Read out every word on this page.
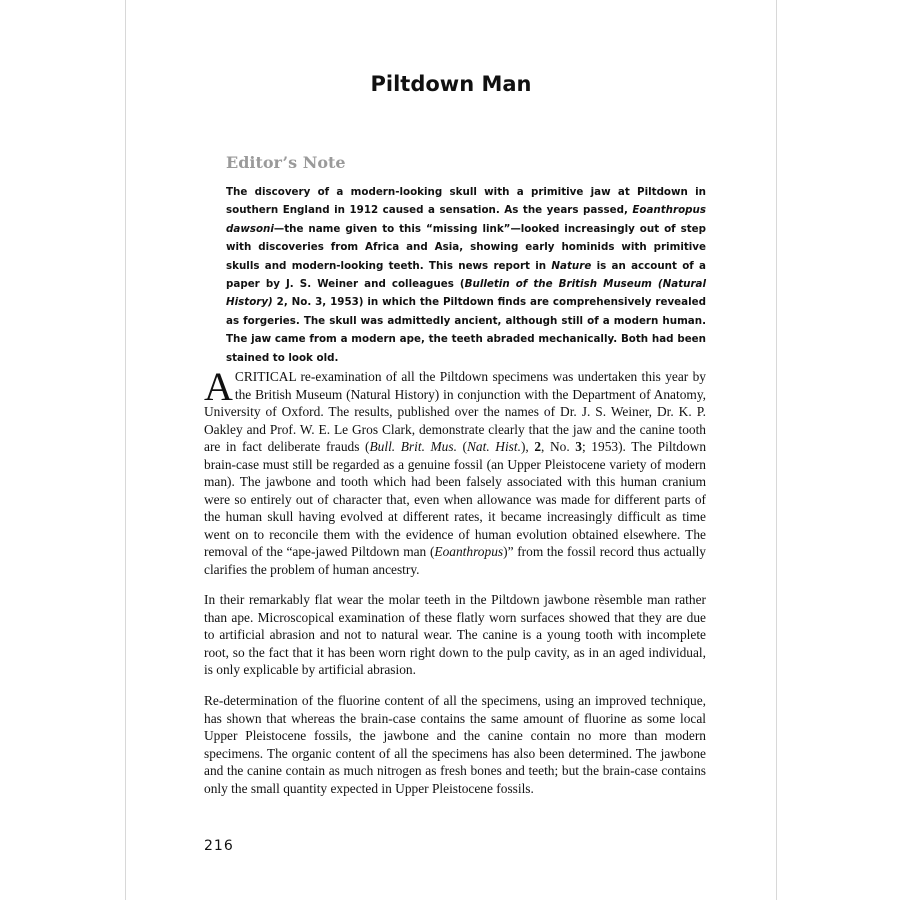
Piltdown Man
Editor’s Note
The discovery of a modern-looking skull with a primitive jaw at Piltdown in southern England in 1912 caused a sensation. As the years passed, Eoanthropus dawsoni—the name given to this “missing link”—looked increasingly out of step with discoveries from Africa and Asia, showing early hominids with primitive skulls and modern-looking teeth. This news report in Nature is an account of a paper by J. S. Weiner and colleagues (Bulletin of the British Museum (Natural History) 2, No. 3, 1953) in which the Piltdown finds are comprehensively revealed as forgeries. The skull was admittedly ancient, although still of a modern human. The jaw came from a modern ape, the teeth abraded mechanically. Both had been stained to look old.
A CRITICAL re-examination of all the Piltdown specimens was undertaken this year by the British Museum (Natural History) in conjunction with the Department of Anatomy, University of Oxford. The results, published over the names of Dr. J. S. Weiner, Dr. K. P. Oakley and Prof. W. E. Le Gros Clark, demonstrate clearly that the jaw and the canine tooth are in fact deliberate frauds (Bull. Brit. Mus. (Nat. Hist.), 2, No. 3; 1953). The Piltdown brain-case must still be regarded as a genuine fossil (an Upper Pleistocene variety of modern man). The jawbone and tooth which had been falsely associated with this human cranium were so entirely out of character that, even when allowance was made for different parts of the human skull having evolved at different rates, it became increasingly difficult as time went on to reconcile them with the evidence of human evolution obtained elsewhere. The removal of the “ape-jawed Piltdown man (Eoanthropus)” from the fossil record thus actually clarifies the problem of human ancestry.
In their remarkably flat wear the molar teeth in the Piltdown jawbone rèsemble man rather than ape. Microscopical examination of these flatly worn surfaces showed that they are due to artificial abrasion and not to natural wear. The canine is a young tooth with incomplete root, so the fact that it has been worn right down to the pulp cavity, as in an aged individual, is only explicable by artificial abrasion.
Re-determination of the fluorine content of all the specimens, using an improved technique, has shown that whereas the brain-case contains the same amount of fluorine as some local Upper Pleistocene fossils, the jawbone and the canine contain no more than modern specimens. The organic content of all the specimens has also been determined. The jawbone and the canine contain as much nitrogen as fresh bones and teeth; but the brain-case contains only the small quantity expected in Upper Pleistocene fossils.
216
